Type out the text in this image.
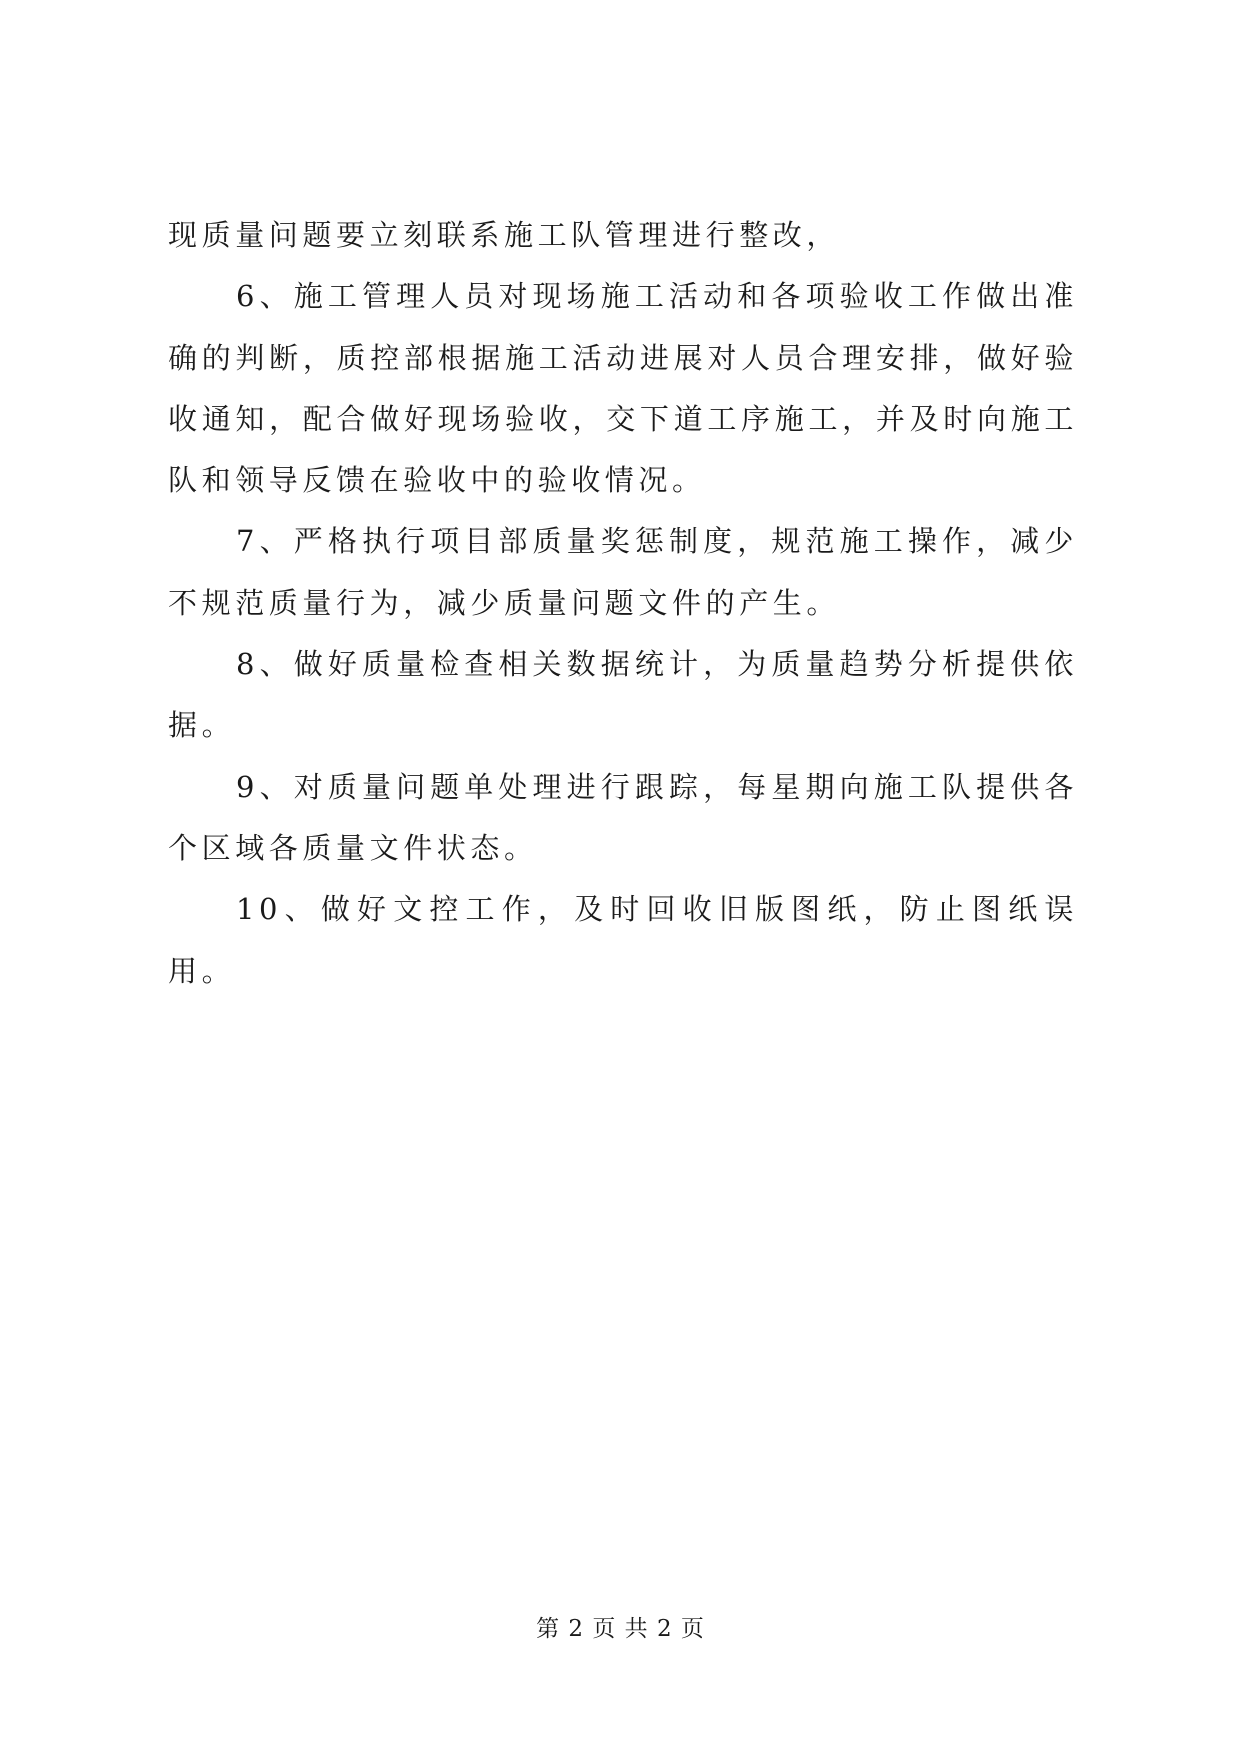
现质量问题要立刻联系施工队管理进行整改，

6、施工管理人员对现场施工活动和各项验收工作做出准确的判断，质控部根据施工活动进展对人员合理安排，做好验收通知，配合做好现场验收，交下道工序施工，并及时向施工队和领导反馈在验收中的验收情况。

7、严格执行项目部质量奖惩制度，规范施工操作，减少不规范质量行为，减少质量问题文件的产生。

8、做好质量检查相关数据统计，为质量趋势分析提供依据。

9、对质量问题单处理进行跟踪，每星期向施工队提供各个区域各质量文件状态。

10、做好文控工作，及时回收旧版图纸，防止图纸误用。

第 2 页 共 2 页
